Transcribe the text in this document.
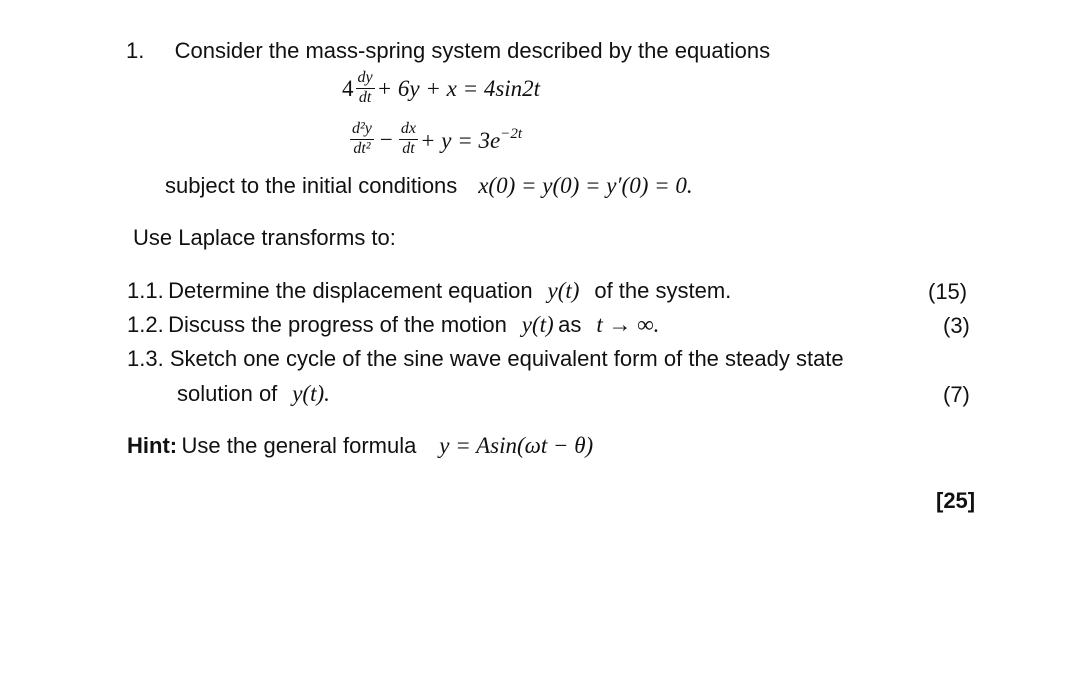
1. Consider the mass-spring system described by the equations
$4 \frac{dy}{dt} + 6y + x = 4\sin 2t$
$\frac{\text{d²y}}{\text{dt²}} - \frac{dx}{dt} + y = 3e^{-2t}$
subject to the initial conditions x(0) = y(0) = y′(0) = 0.
Use Laplace transforms to:
1.1. Determine the displacement equation y(t) of the system.	(15)
1.2. Discuss the progress of the motion y(t) as t → ∞.	(3)
1.3. Sketch one cycle of the sine wave equivalent form of the steady state
solution of y(t).	(7)
Hint: Use the general formula y = Asin(ωt − θ)
[25]
